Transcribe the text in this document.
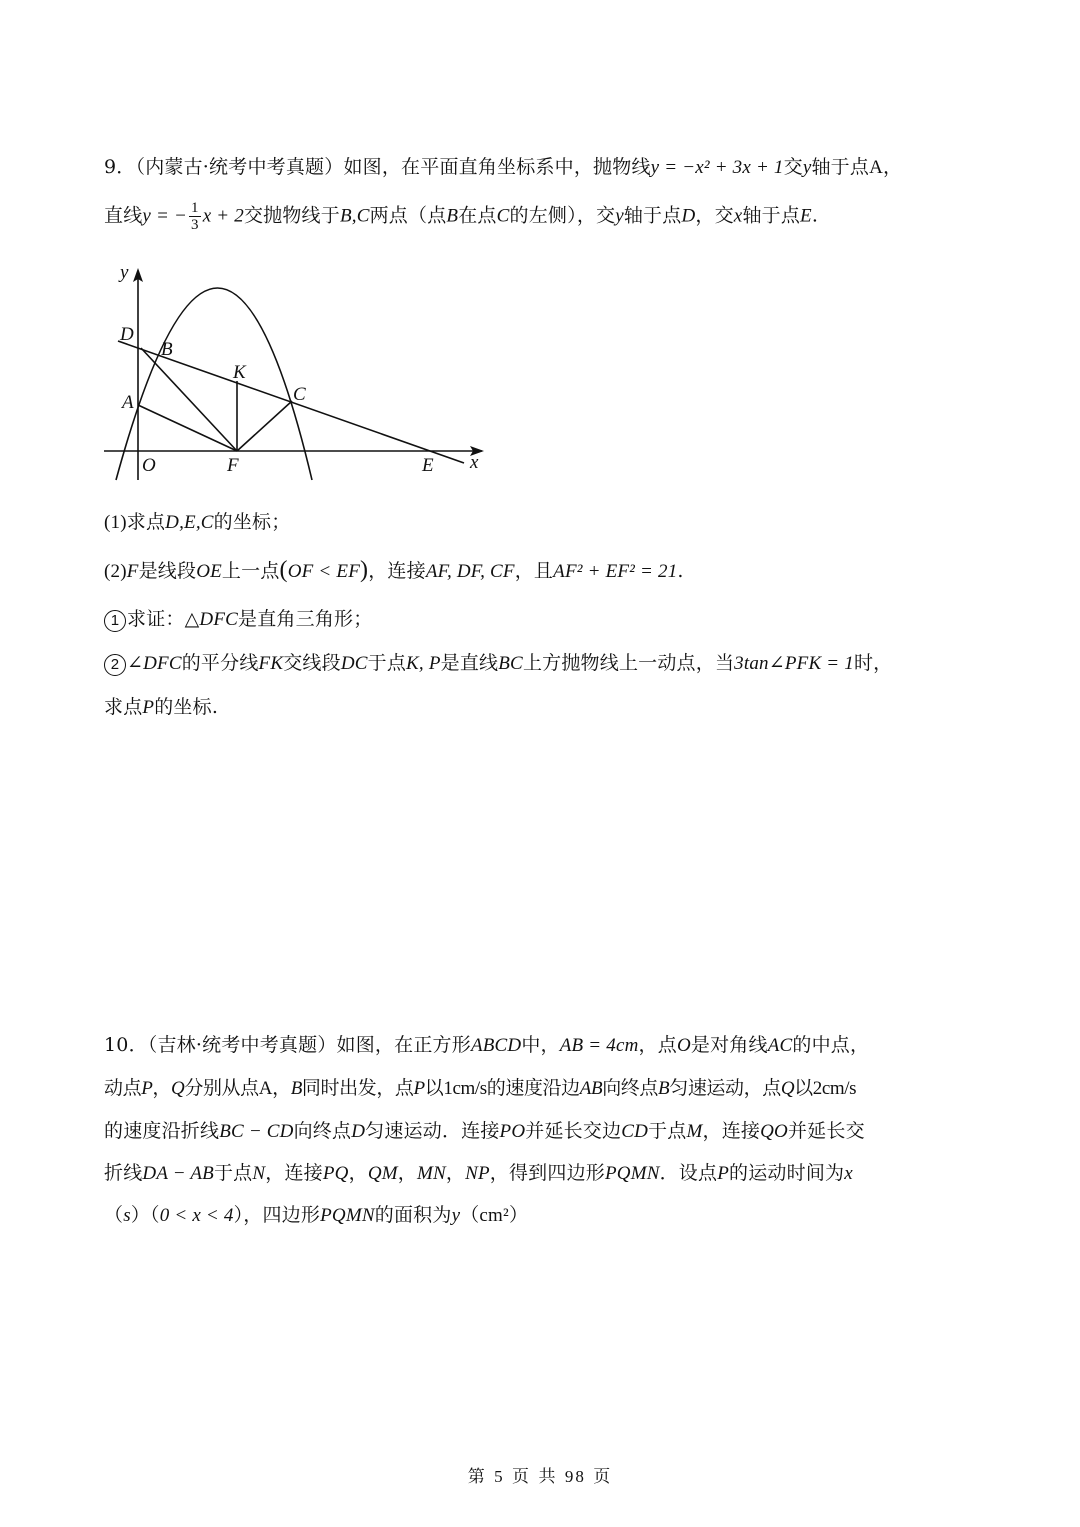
9．（内蒙古·统考中考真题）如图，在平面直角坐标系中，抛物线y = −x² + 3x + 1交y轴于点A，
直线y = − $\frac{1}{3}$ x + 2交抛物线于B,C两点（点B在点C的左侧），交y轴于点D，交x轴于点E.
y
x
O
A
B
C
D
E
F
K
(1)求点D,E,C的坐标；
(2)F是线段OE上一点(OF < EF)，连接AF, DF, CF，且AF² + EF² = 21.
1 求证：△DFC是直角三角形；
2 ∠DFC的平分线FK交线段DC于点K, P是直线BC上方抛物线上一动点，当3tan∠PFK = 1时，
求点P的坐标.
10．（吉林·统考中考真题）如图，在正方形ABCD中，AB = 4cm，点O是对角线AC的中点，
动点P，Q分别从点A，B同时出发，点P以1cm/s的速度沿边AB向终点B匀速运动，点Q以2cm/s
的速度沿折线BC − CD向终点D匀速运动．连接PO并延长交边CD于点M，连接QO并延长交
折线DA − AB于点N，连接PQ，QM，MN，NP，得到四边形PQMN．设点P的运动时间为x
（s）（0 < x < 4），四边形PQMN的面积为y（cm²）
第 5 页 共 98 页
